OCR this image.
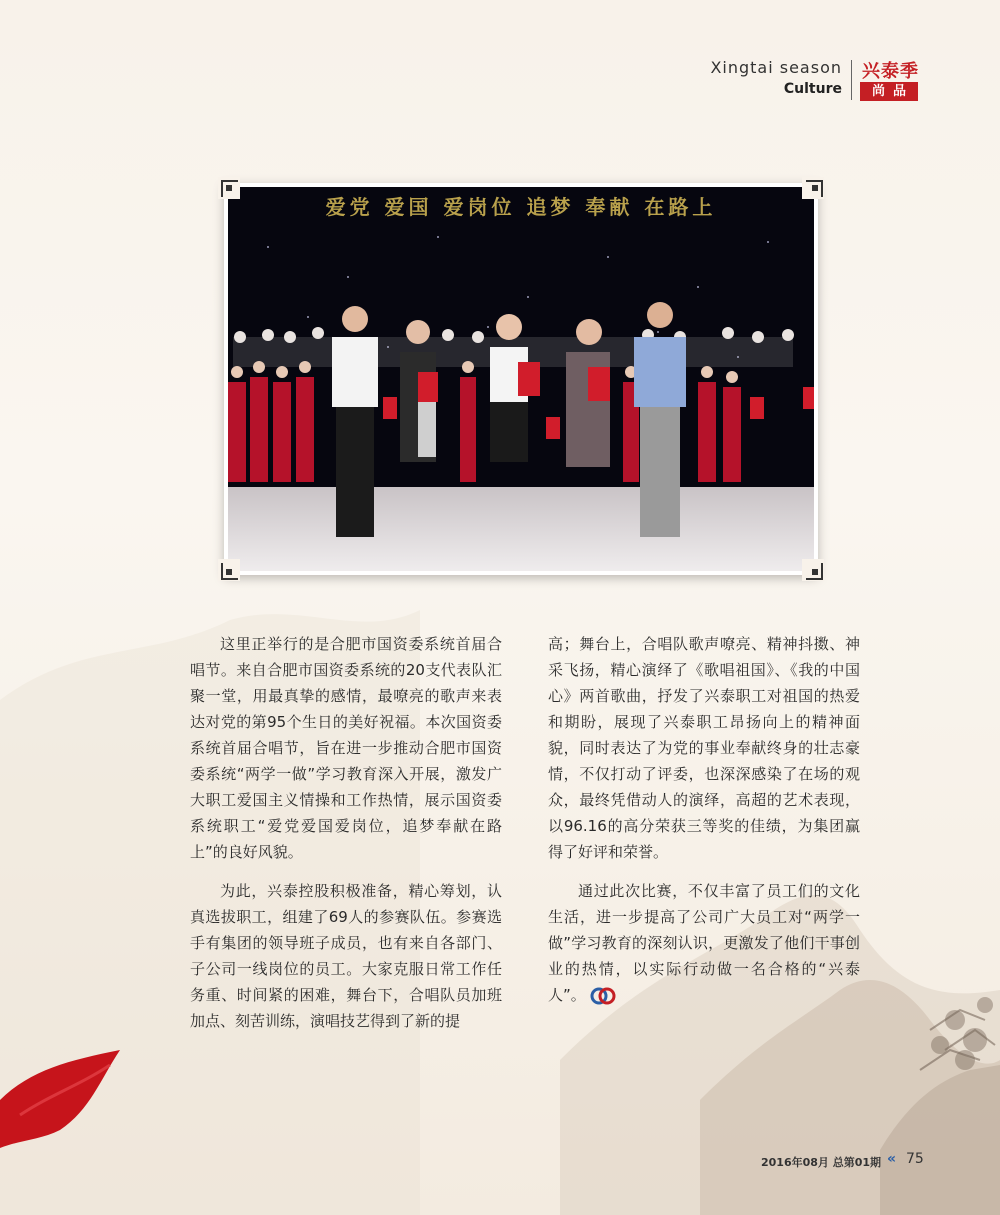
Xingtai season
Culture
兴泰季
尚品
爱党 爱国 爱岗位 追梦 奉献 在路上

这里正举行的是合肥市国资委系统首届合唱节。来自合肥市国资委系统的20支代表队汇聚一堂，用最真挚的感情，最嘹亮的歌声来表达对党的第95个生日的美好祝福。本次国资委系统首届合唱节，旨在进一步推动合肥市国资委系统“两学一做”学习教育深入开展，激发广大职工爱国主义情操和工作热情，展示国资委系统职工“爱党爱国爱岗位，追梦奉献在路上”的良好风貌。

为此，兴泰控股积极准备，精心筹划，认真选拔职工，组建了69人的参赛队伍。参赛选手有集团的领导班子成员，也有来自各部门、子公司一线岗位的员工。大家克服日常工作任务重、时间紧的困难，舞台下，合唱队员加班加点、刻苦训练，演唱技艺得到了新的提

高；舞台上，合唱队歌声嘹亮、精神抖擞、神采飞扬，精心演绎了《歌唱祖国》、《我的中国心》两首歌曲，抒发了兴泰职工对祖国的热爱和期盼，展现了兴泰职工昂扬向上的精神面貌，同时表达了为党的事业奉献终身的壮志豪情，不仅打动了评委，也深深感染了在场的观众，最终凭借动人的演绎，高超的艺术表现，以96.16的高分荣获三等奖的佳绩，为集团赢得了好评和荣誉。

通过此次比赛，不仅丰富了员工们的文化生活，进一步提高了公司广大员工对“两学一做”学习教育的深刻认识，更激发了他们干事创业的热情，以实际行动做一名合格的“兴泰人”。

2016年08月 总第01期 « 75
